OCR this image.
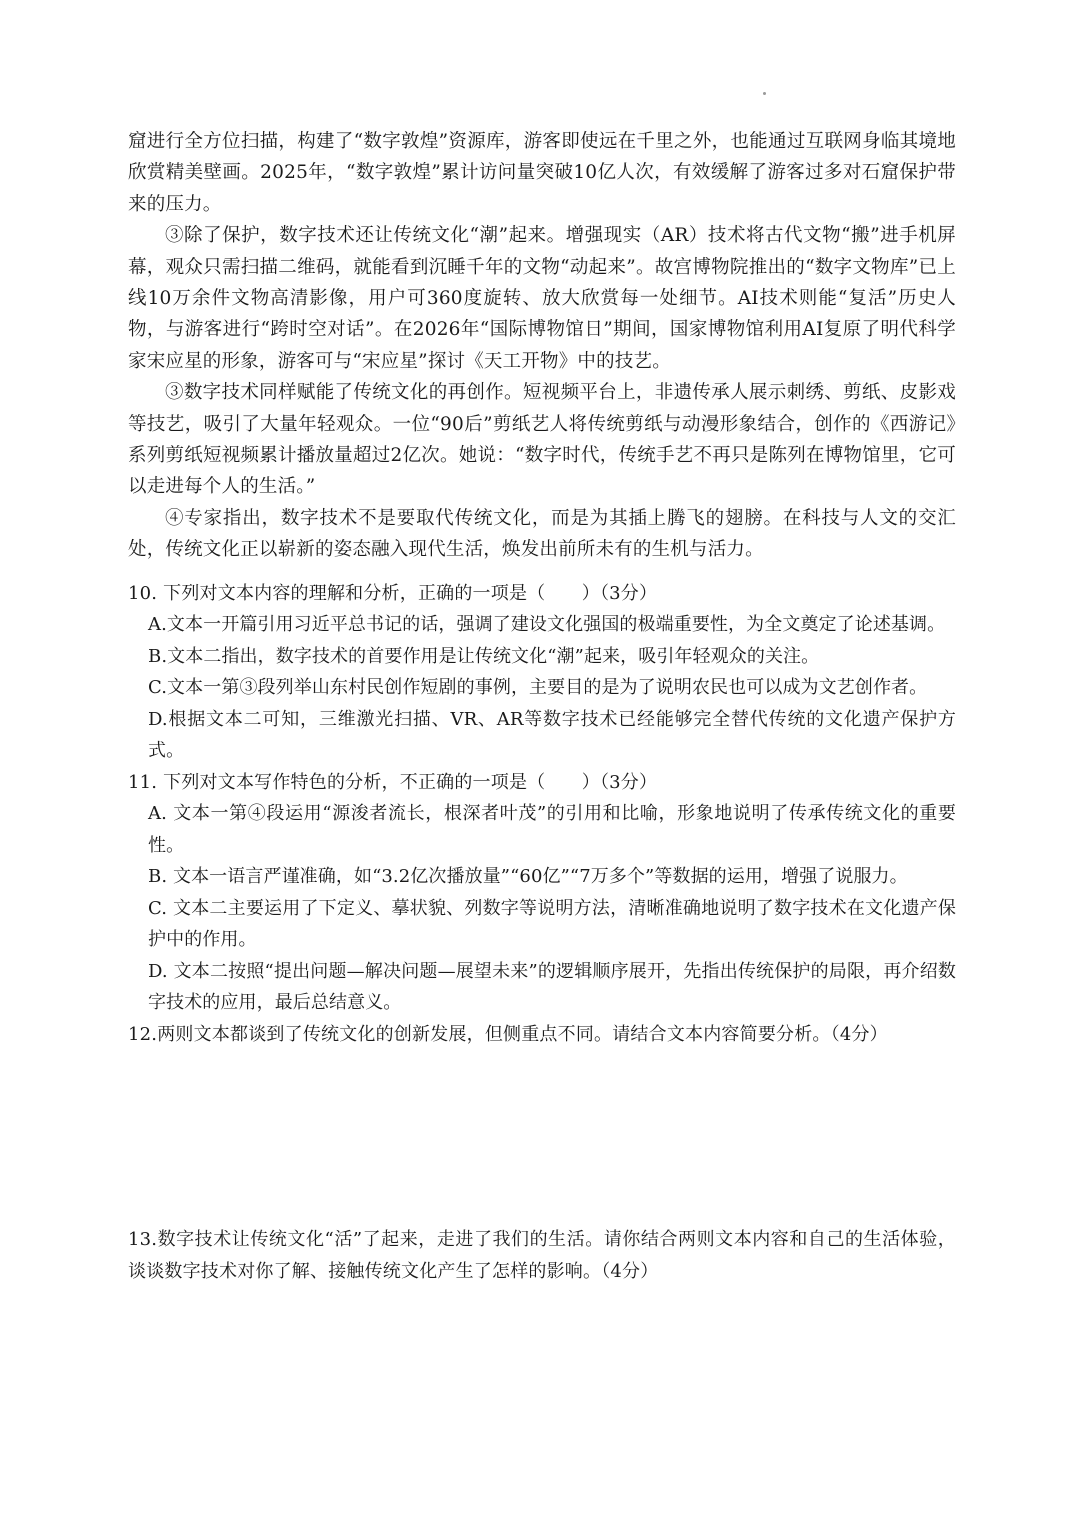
窟进行全方位扫描，构建了“数字敦煌”资源库，游客即使远在千里之外，也能通过互联网身临其境地欣赏精美壁画。2025年，“数字敦煌”累计访问量突破10亿人次，有效缓解了游客过多对石窟保护带来的压力。

③除了保护，数字技术还让传统文化“潮”起来。增强现实（AR）技术将古代文物“搬”进手机屏幕，观众只需扫描二维码，就能看到沉睡千年的文物“动起来”。故宫博物院推出的“数字文物库”已上线10万余件文物高清影像，用户可360度旋转、放大欣赏每一处细节。AI技术则能“复活”历史人物，与游客进行“跨时空对话”。在2026年“国际博物馆日”期间，国家博物馆利用AI复原了明代科学家宋应星的形象，游客可与“宋应星”探讨《天工开物》中的技艺。

③数字技术同样赋能了传统文化的再创作。短视频平台上，非遗传承人展示刺绣、剪纸、皮影戏等技艺，吸引了大量年轻观众。一位“90后”剪纸艺人将传统剪纸与动漫形象结合，创作的《西游记》系列剪纸短视频累计播放量超过2亿次。她说：“数字时代，传统手艺不再只是陈列在博物馆里，它可以走进每个人的生活。”

④专家指出，数字技术不是要取代传统文化，而是为其插上腾飞的翅膀。在科技与人文的交汇处，传统文化正以崭新的姿态融入现代生活，焕发出前所未有的生机与活力。

10. 下列对文本内容的理解和分析，正确的一项是（　　）（3分）

A.文本一开篇引用习近平总书记的话，强调了建设文化强国的极端重要性，为全文奠定了论述基调。

B.文本二指出，数字技术的首要作用是让传统文化“潮”起来，吸引年轻观众的关注。

C.文本一第③段列举山东村民创作短剧的事例，主要目的是为了说明农民也可以成为文艺创作者。

D.根据文本二可知，三维激光扫描、VR、AR等数字技术已经能够完全替代传统的文化遗产保护方式。

11. 下列对文本写作特色的分析，不正确的一项是（　　）（3分）

A. 文本一第④段运用“源浚者流长，根深者叶茂”的引用和比喻，形象地说明了传承传统文化的重要性。

B. 文本一语言严谨准确，如“3.2亿次播放量”“60亿”“7万多个”等数据的运用，增强了说服力。

C. 文本二主要运用了下定义、摹状貌、列数字等说明方法，清晰准确地说明了数字技术在文化遗产保护中的作用。

D. 文本二按照“提出问题—解决问题—展望未来”的逻辑顺序展开，先指出传统保护的局限，再介绍数字技术的应用，最后总结意义。

12.两则文本都谈到了传统文化的创新发展，但侧重点不同。请结合文本内容简要分析。（4分）

13.数字技术让传统文化“活”了起来，走进了我们的生活。请你结合两则文本内容和自己的生活体验，谈谈数字技术对你了解、接触传统文化产生了怎样的影响。（4分）
